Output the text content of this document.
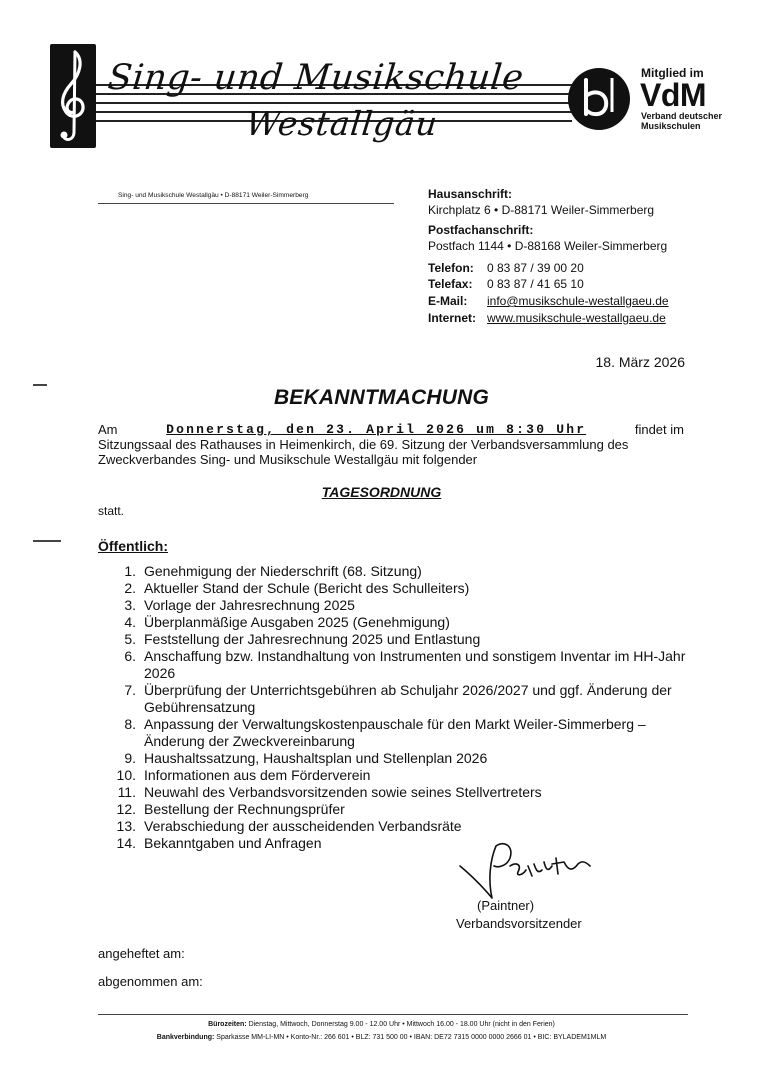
Sing- und Musikschule
Westallgäu
Mitglied im
VdM
Verband deutscher Musikschulen
Sing- und Musikschule Westallgäu • D-88171 Weiler-Simmerberg	Hausanschrift:
Kirchplatz 6 • D-88171 Weiler-Simmerberg
Postfachanschrift:
Postfach 1144 • D-88168 Weiler-Simmerberg
Telefon: 0 83 87 / 39 00 20
Telefax: 0 83 87 / 41 65 10
E-Mail: info@musikschule-westallgaeu.de
Internet: www.musikschule-westallgaeu.de
18. März 2026
BEKANNTMACHUNG
Am	Donnerstag, den 23. April 2026 um 8:30 Uhr	findet im
Sitzungssaal des Rathauses in Heimenkirch, die 69. Sitzung der Verbandsversammlung des
Zweckverbandes Sing- und Musikschule Westallgäu mit folgender
TAGESORDNUNG
statt.
Öffentlich:
1. Genehmigung der Niederschrift (68. Sitzung)
2. Aktueller Stand der Schule (Bericht des Schulleiters)
3. Vorlage der Jahresrechnung 2025
4. Überplanmäßige Ausgaben 2025 (Genehmigung)
5. Feststellung der Jahresrechnung 2025 und Entlastung
6. Anschaffung bzw. Instandhaltung von Instrumenten und sonstigem Inventar im HH-Jahr 2026
7. Überprüfung der Unterrichtsgebühren ab Schuljahr 2026/2027 und ggf. Änderung der Gebührensatzung
8. Anpassung der Verwaltungskostenpauschale für den Markt Weiler-Simmerberg – Änderung der Zweckvereinbarung
9. Haushaltssatzung, Haushaltsplan und Stellenplan 2026
10. Informationen aus dem Förderverein
11. Neuwahl des Verbandsvorsitzenden sowie seines Stellvertreters
12. Bestellung der Rechnungsprüfer
13. Verabschiedung der ausscheidenden Verbandsräte
14. Bekanntgaben und Anfragen
(Paintner)
Verbandsvorsitzender
angeheftet am:
abgenommen am:
Bürozeiten: Dienstag, Mittwoch, Donnerstag 9.00 - 12.00 Uhr • Mittwoch 16.00 - 18.00 Uhr (nicht in den Ferien)
Bankverbindung: Sparkasse MM-LI-MN • Konto-Nr.: 266 601 • BLZ: 731 500 00 • IBAN: DE72 7315 0000 0000 2666 01 • BIC: BYLADEM1MLM
